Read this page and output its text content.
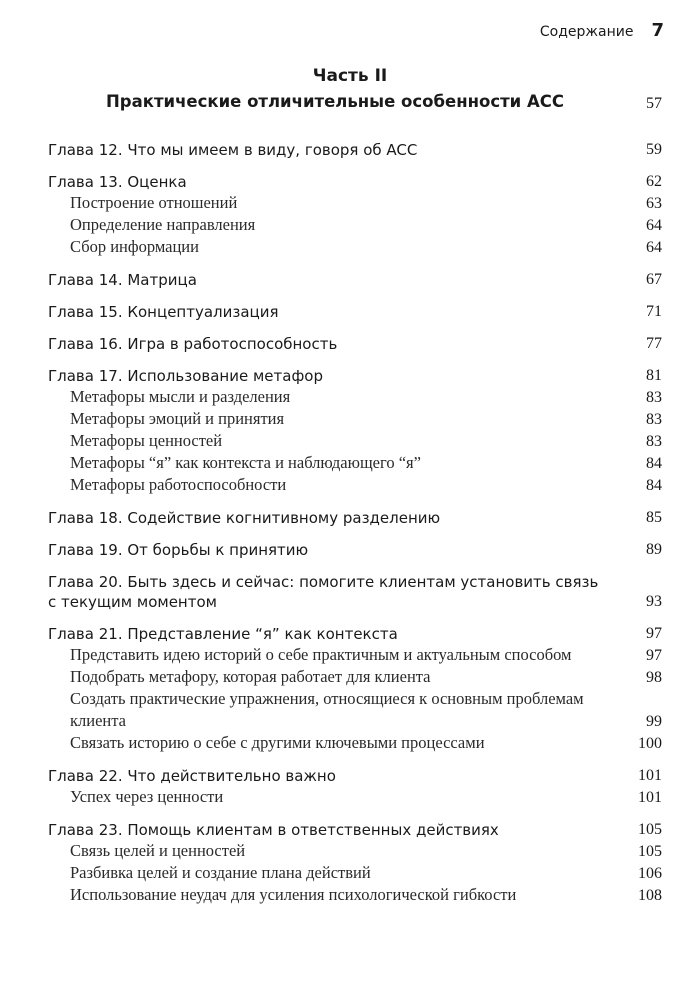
Содержание 7
Часть II
Практические отличительные особенности ACC	57
Глава 12. Что мы имеем в виду, говоря об ACC	59
Глава 13. Оценка	62
Построение отношений	63
Определение направления	64
Сбор информации	64
Глава 14. Матрица	67
Глава 15. Концептуализация	71
Глава 16. Игра в работоспособность	77
Глава 17. Использование метафор	81
Метафоры мысли и разделения	83
Метафоры эмоций и принятия	83
Метафоры ценностей	83
Метафоры “я” как контекста и наблюдающего “я”	84
Метафоры работоспособности	84
Глава 18. Содействие когнитивному разделению	85
Глава 19. От борьбы к принятию	89
Глава 20. Быть здесь и сейчас: помогите клиентам установить связь с текущим моментом	93
Глава 21. Представление “я” как контекста	97
Представить идею историй о себе практичным и актуальным способом	97
Подобрать метафору, которая работает для клиента	98
Создать практические упражнения, относящиеся к основным проблемам клиента	99
Связать историю о себе с другими ключевыми процессами	100
Глава 22. Что действительно важно	101
Успех через ценности	101
Глава 23. Помощь клиентам в ответственных действиях	105
Связь целей и ценностей	105
Разбивка целей и создание плана действий	106
Использование неудач для усиления психологической гибкости	108
